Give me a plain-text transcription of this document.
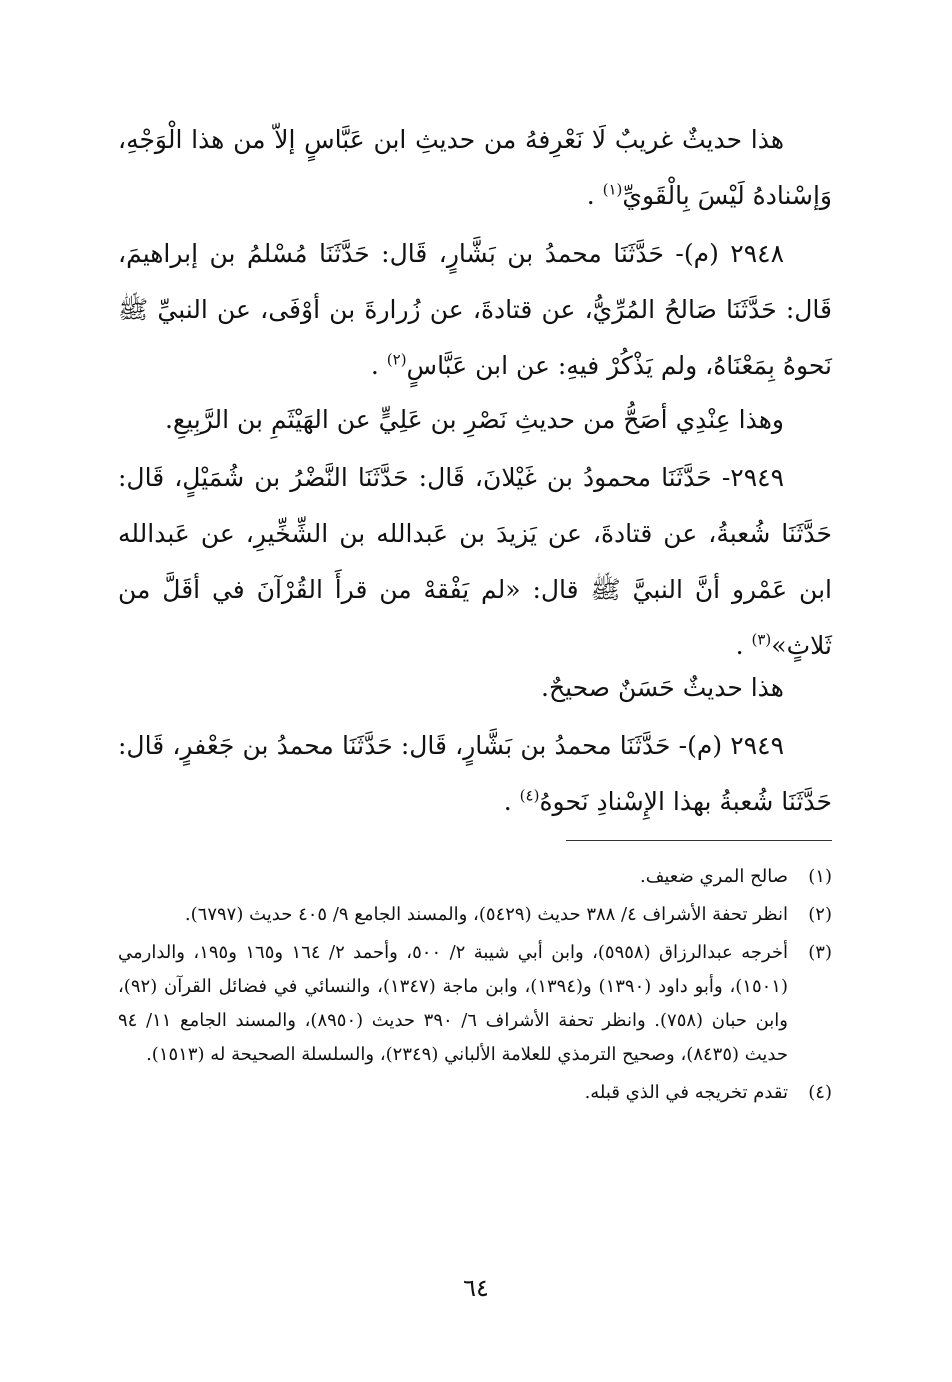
هذا حديثٌ غريبٌ لَا نَعْرِفهُ من حديثِ ابن عَبَّاسٍ إلاّ من هذا الْوَجْهِ، وَإسْنادهُ لَيْسَ بِالْقَويِّ$^{(١)}$ .

٢٩٤٨ (م)- حَدَّثَنَا محمدُ بن بَشَّارٍ، قَال: حَدَّثَنَا مُسْلمُ بن إبراهيمَ، قَال: حَدَّثَنَا صَالحُ المُرِّيُّ، عن قتادةَ، عن زُرارةَ بن أوْفَى، عن النبيِّ ﷺ نَحوهُ بِمَعْنَاهُ، ولم يَذْكُرْ فيهِ: عن ابن عَبَّاسٍ$^{(٢)}$ .

وهذا عِنْدِي أصَحُّ من حديثِ نَصْرِ بن عَلِيٍّ عن الهَيْثَمِ بن الرَّبِيعِ.

٢٩٤٩- حَدَّثَنَا محمودُ بن غَيْلانَ، قَال: حَدَّثَنَا النَّضْرُ بن شُمَيْلٍ، قَال: حَدَّثَنَا شُعبةُ، عن قتادةَ، عن يَزيدَ بن عَبدالله بن الشِّخِّيرِ، عن عَبدالله ابن عَمْرو أنَّ النبيَّ ﷺ قال: «لم يَفْقهْ من قرأَ القُرْآنَ في أقَلَّ من ثَلاثٍ»$^{(٣)}$ .

هذا حديثٌ حَسَنٌ صحيحٌ.

٢٩٤٩ (م)- حَدَّثَنَا محمدُ بن بَشَّارٍ، قَال: حَدَّثَنَا محمدُ بن جَعْفرٍ، قَال: حَدَّثَنَا شُعبةُ بهذا الإِسْنادِ نَحوهُ$^{(٤)}$ .

(١)
صالح المري ضعيف.
(٢)
انظر تحفة الأشراف ٤/ ٣٨٨ حديث (٥٤٢٩)، والمسند الجامع ٩/ ٤٠٥ حديث (٦٧٩٧).
(٣)
أخرجه عبدالرزاق (٥٩٥٨)، وابن أبي شيبة ٢/ ٥٠٠، وأحمد ٢/ ١٦٤ و١٦٥ و١٩٥، والدارمي (١٥٠١)، وأبو داود (١٣٩٠) و(١٣٩٤)، وابن ماجة (١٣٤٧)، والنسائي في فضائل القرآن (٩٢)، وابن حبان (٧٥٨). وانظر تحفة الأشراف ٦/ ٣٩٠ حديث (٨٩٥٠)، والمسند الجامع ١١/ ٩٤ حديث (٨٤٣٥)، وصحيح الترمذي للعلامة الألباني (٢٣٤٩)، والسلسلة الصحيحة له (١٥١٣).
(٤)
تقدم تخريجه في الذي قبله.
٦٤
